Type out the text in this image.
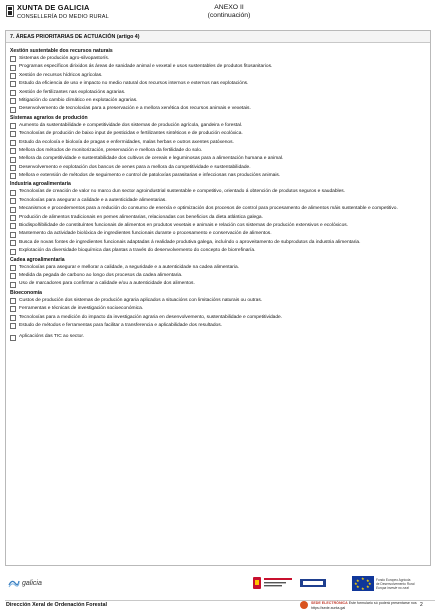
XUNTA DE GALICIA
CONSELLERÍA DO MEDIO RURAL
ANEXO II
(continuación)
7. ÁREAS PRIORITARIAS DE ACTUACIÓN (artigo 4)
Xestión sustentable dos recursos naturais
Sistemas de produción agro-silvopastorís.
Programas específicos dirixidos ás áreas de sanidade animal e vexetal e usos sustentables de produtos fitosanitarios.
Xestión de recursos hídricos agrícolas.
Estudo da eficiencia de uso e impacto no medio natural dos recursos internos e externos nas explotacións.
Xestión de fertilizantes nas explotacións agrarias.
Mitigación do cambio climático en explotación agrarias.
Desenvolvemento de tecnoloxías para a preservación e a mellora xenética dos recursos animais e vexetais.
Sistemas agrarios de produción
Aumento da sustentabilidade e competitividade dos sistemas de produción agrícola, gandeira e forestal.
Tecnoloxías de produción de baixo input de pesticidas e fertilizantes sintéticos e de produción ecolóxica.
Estudo da ecoloxía e bioloxía de pragas e enfermidades, malas herbas e outros axentes patóxenos.
Mellora dos métodos de monitorización, preservación e mellora da fertilidade do solo.
Mellora da competitividade e sustentabilidade dos cultivos de cereais e leguminosas para a alimentación humana e animal.
Desenvolvemento e explotación dos bancos de xenes para a mellora da competitividade e sustentabilidade.
Mellora e extensión de métodos de seguimento e control de patoloxías parasitarias e infecciosas nas producións animais.
Industria agroalimentaria
Tecnoloxías de creación de valor no marco dun sector agroindustrial sustentable e competitivo, orientado á obtención de produtos seguros e saudables.
Tecnoloxías para asegurar a calidade e a autenticidade alimentarias.
Mecanismos e procedementos para a redución do consumo de enerxía e optimización dos procesos de control para procesamento de alimentos máis sustentable e competitivo.
Produción de alimentos tradicionais en pemes alimentarias, relacionadas cos beneficios da dieta atlántica galega.
Biodispoñibilidade de constituíntes funcionais de alimentos en produtos vexetais e animais e relación cos sistemas de produción extensivos e ecolóxicos.
Mantemento da actividade biolóxica de ingredientes funcionais durante o procesamento e conservación de alimentos.
Busca de novas fontes de ingredientes funcionais adaptadas á realidade produtiva galega, incluíndo o aproveitamento de subprodutos da industria alimentaria.
Explotación da diversidade bioquímica das plantas a través do desenvolvemento do concepto de biorrefinaría.
Cadea agroalimentaria
Tecnoloxías para asegurar e mellorar a calidade, a seguridade e a autenticidade na cadea alimentaria.
Medida da pegada de carbono ao longo dos procesos da cadea alimentaria.
Uso de marcadores para confirmar a calidade e/ou a autenticidade dos alimentos.
Bioeconomía
Custos de produción dos sistemas de produción agraria aplicados a situacións con limitacións naturais ou outras.
Ferramentas e técnicas de investigación socioeconómica.
Tecnoloxías para a medición do impacto da investigación agraria en desenvolvemento, sustentabilidade e competitividade.
Estudo de métodos e ferramentas para facilitar a transferencia e aplicabilidade dos resultados.
Aplicacións das TIC ao sector.
galicia
★
★ ★
★	★
★ ★
★
Fondo Europeo Agrícola
de Desenvolvemento Rural
Europa investe no rural
Dirección Xeral de Ordenación Forestal	SEDE ELECTRÓNICA Este formulario só poderá presentarse nos
https://sede.xunta.gal	2
